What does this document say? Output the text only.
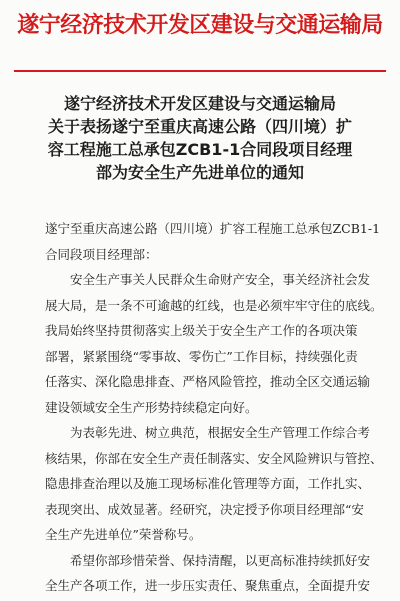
遂宁经济技术开发区建设与交通运输局
遂宁经济技术开发区建设与交通运输局
关于表扬遂宁至重庆高速公路（四川境）扩
容工程施工总承包ZCB1-1合同段项目经理
部为安全生产先进单位的通知
遂宁至重庆高速公路（四川境）扩容工程施工总承包ZCB1-1
合同段项目经理部：
　　安全生产事关人民群众生命财产安全，事关经济社会发
展大局，是一条不可逾越的红线，也是必须牢牢守住的底线。
我局始终坚持贯彻落实上级关于安全生产工作的各项决策
部署，紧紧围绕“零事故、零伤亡”工作目标，持续强化责
任落实、深化隐患排查、严格风险管控，推动全区交通运输
建设领域安全生产形势持续稳定向好。
　　为表彰先进、树立典范，根据安全生产管理工作综合考
核结果，你部在安全生产责任制落实、安全风险辨识与管控、
隐患排查治理以及施工现场标准化管理等方面，工作扎实、
表现突出、成效显著。经研究，决定授予你项目经理部“安
全生产先进单位”荣誉称号。
　　希望你部珍惜荣誉、保持清醒，以更高标准持续抓好安
全生产各项工作，进一步压实责任、聚焦重点，全面提升安
